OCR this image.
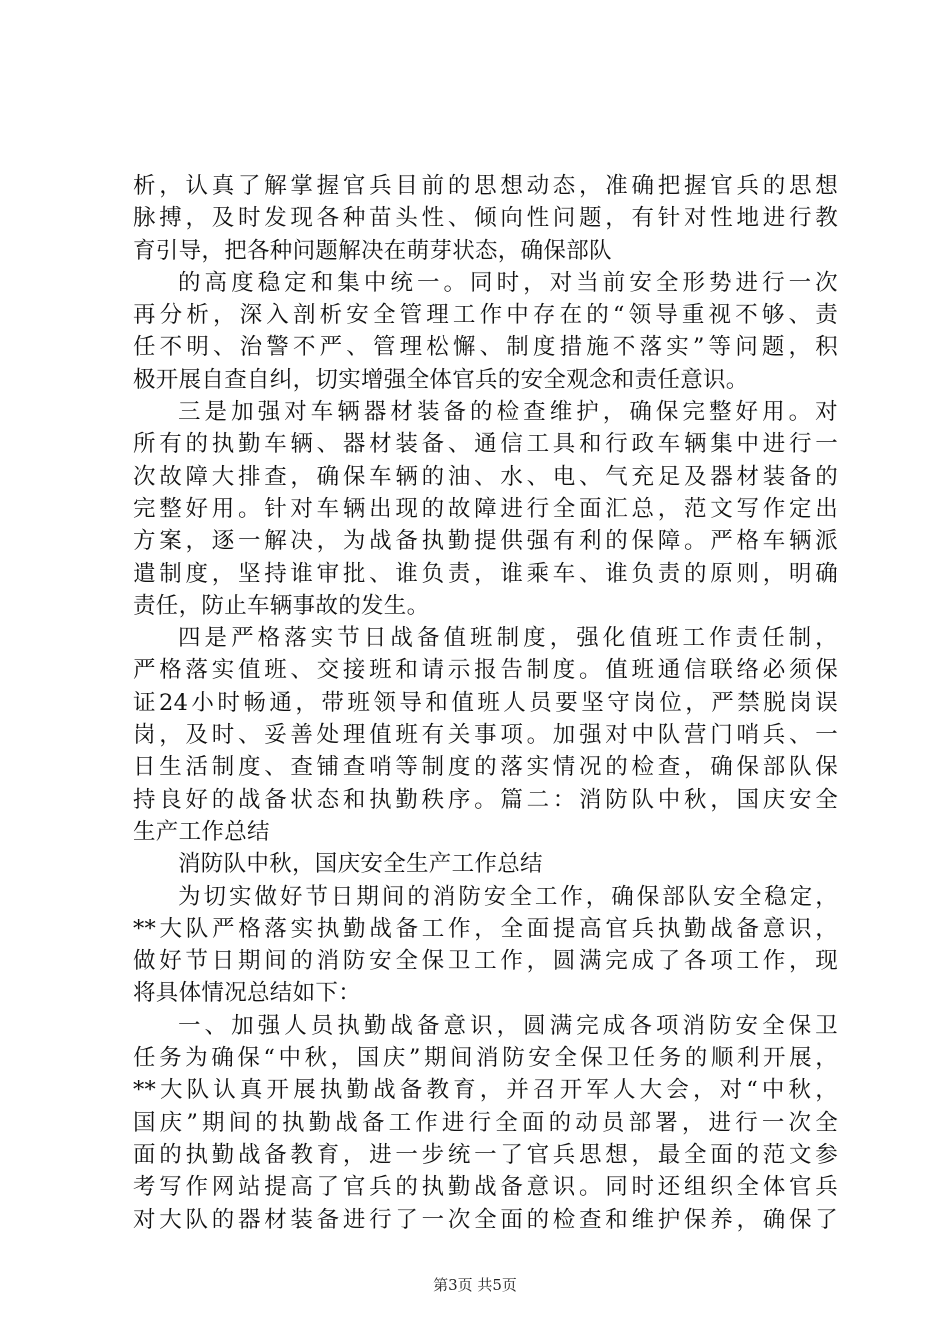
析，认真了解掌握官兵目前的思想动态，准确把握官兵的思想
脉搏，及时发现各种苗头性、倾向性问题，有针对性地进行教
育引导，把各种问题解决在萌芽状态，确保部队
的高度稳定和集中统一。同时，对当前安全形势进行一次
再分析，深入剖析安全管理工作中存在的“领导重视不够、责
任不明、治警不严、管理松懈、制度措施不落实”等问题，积
极开展自查自纠，切实增强全体官兵的安全观念和责任意识。
三是加强对车辆器材装备的检查维护，确保完整好用。对
所有的执勤车辆、器材装备、通信工具和行政车辆集中进行一
次故障大排查，确保车辆的油、水、电、气充足及器材装备的
完整好用。针对车辆出现的故障进行全面汇总，范文写作定出
方案，逐一解决，为战备执勤提供强有利的保障。严格车辆派
遣制度，坚持谁审批、谁负责，谁乘车、谁负责的原则，明确
责任，防止车辆事故的发生。
四是严格落实节日战备值班制度，强化值班工作责任制，
严格落实值班、交接班和请示报告制度。值班通信联络必须保
证24小时畅通，带班领导和值班人员要坚守岗位，严禁脱岗误
岗，及时、妥善处理值班有关事项。加强对中队营门哨兵、一
日生活制度、查铺查哨等制度的落实情况的检查，确保部队保
持良好的战备状态和执勤秩序。篇二：消防队中秋，国庆安全
生产工作总结
消防队中秋，国庆安全生产工作总结
为切实做好节日期间的消防安全工作，确保部队安全稳定，
**大队严格落实执勤战备工作，全面提高官兵执勤战备意识，
做好节日期间的消防安全保卫工作，圆满完成了各项工作，现
将具体情况总结如下：
一、加强人员执勤战备意识，圆满完成各项消防安全保卫
任务为确保“中秋，国庆”期间消防安全保卫任务的顺利开展，
**大队认真开展执勤战备教育，并召开军人大会，对“中秋，
国庆”期间的执勤战备工作进行全面的动员部署，进行一次全
面的执勤战备教育，进一步统一了官兵思想，最全面的范文参
考写作网站提高了官兵的执勤战备意识。同时还组织全体官兵
对大队的器材装备进行了一次全面的检查和维护保养，确保了
第3页 共5页
